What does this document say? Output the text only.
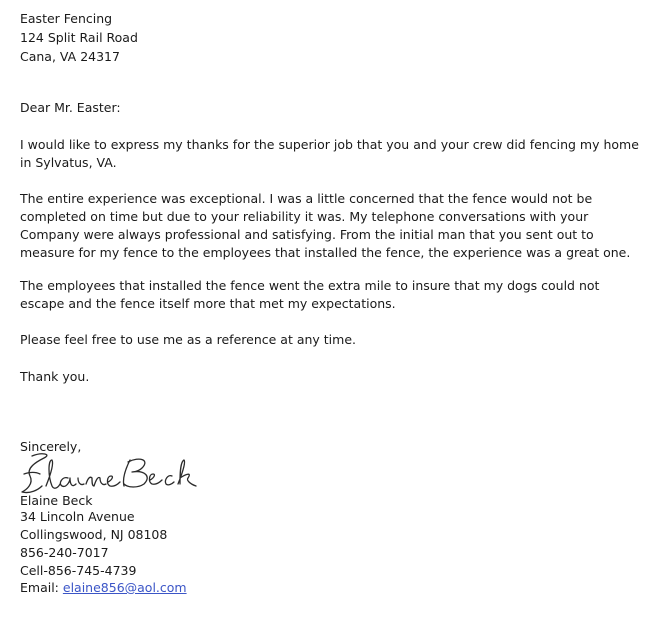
Easter Fencing
124 Split Rail Road
Cana, VA 24317
Dear Mr. Easter:

I would like to express my thanks for the superior job that you and your crew did fencing my home in Sylvatus, VA.

The entire experience was exceptional. I was a little concerned that the fence would not be completed on time but due to your reliability it was. My telephone conversations with your Company were always professional and satisfying. From the initial man that you sent out to measure for my fence to the employees that installed the fence, the experience was a great one.

The employees that installed the fence went the extra mile to insure that my dogs could not escape and the fence itself more that met my expectations.

Please feel free to use me as a reference at any time.
Thank you.
Sincerely,
Elaine Beck
34 Lincoln Avenue
Collingswood, NJ 08108
856-240-7017
Cell-856-745-4739
Email: elaine856@aol.com
